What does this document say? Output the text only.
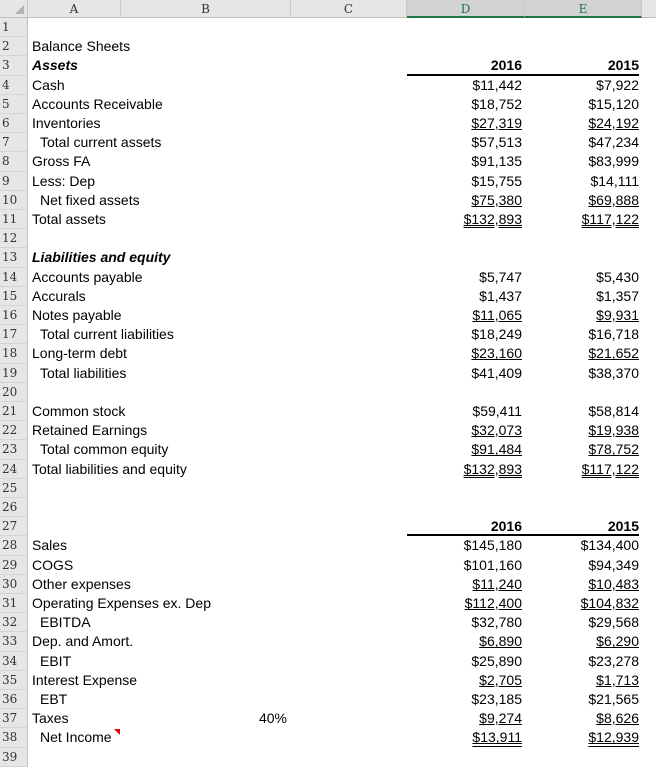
A	B	C	D	E
1
2	Balance Sheets
3	Assets	2016	2015
4	Cash	$11,442	$7,922
5	Accounts Receivable	$18,752	$15,120
6	Inventories	$27,319	$24,192
7	Total current assets	$57,513	$47,234
8	Gross FA	$91,135	$83,999
9	Less: Dep	$15,755	$14,111
10	Net fixed assets	$75,380	$69,888
11	Total assets	$132,893	$117,122
12
13	Liabilities and equity
14	Accounts payable	$5,747	$5,430
15	Accurals	$1,437	$1,357
16	Notes payable	$11,065	$9,931
17	Total current liabilities	$18,249	$16,718
18	Long-term debt	$23,160	$21,652
19	Total liabilities	$41,409	$38,370
20
21	Common stock	$59,411	$58,814
22	Retained Earnings	$32,073	$19,938
23	Total common equity	$91,484	$78,752
24	Total liabilities and equity	$132,893	$117,122
25
26
27	2016	2015
28	Sales	$145,180	$134,400
29	COGS	$101,160	$94,349
30	Other expenses	$11,240	$10,483
31	Operating Expenses ex. Dep	$112,400	$104,832
32	EBITDA	$32,780	$29,568
33	Dep. and Amort.	$6,890	$6,290
34	EBIT	$25,890	$23,278
35	Interest Expense	$2,705	$1,713
36	EBT	$23,185	$21,565
37	Taxes	40%	$9,274	$8,626
38	Net Income	$13,911	$12,939
39
